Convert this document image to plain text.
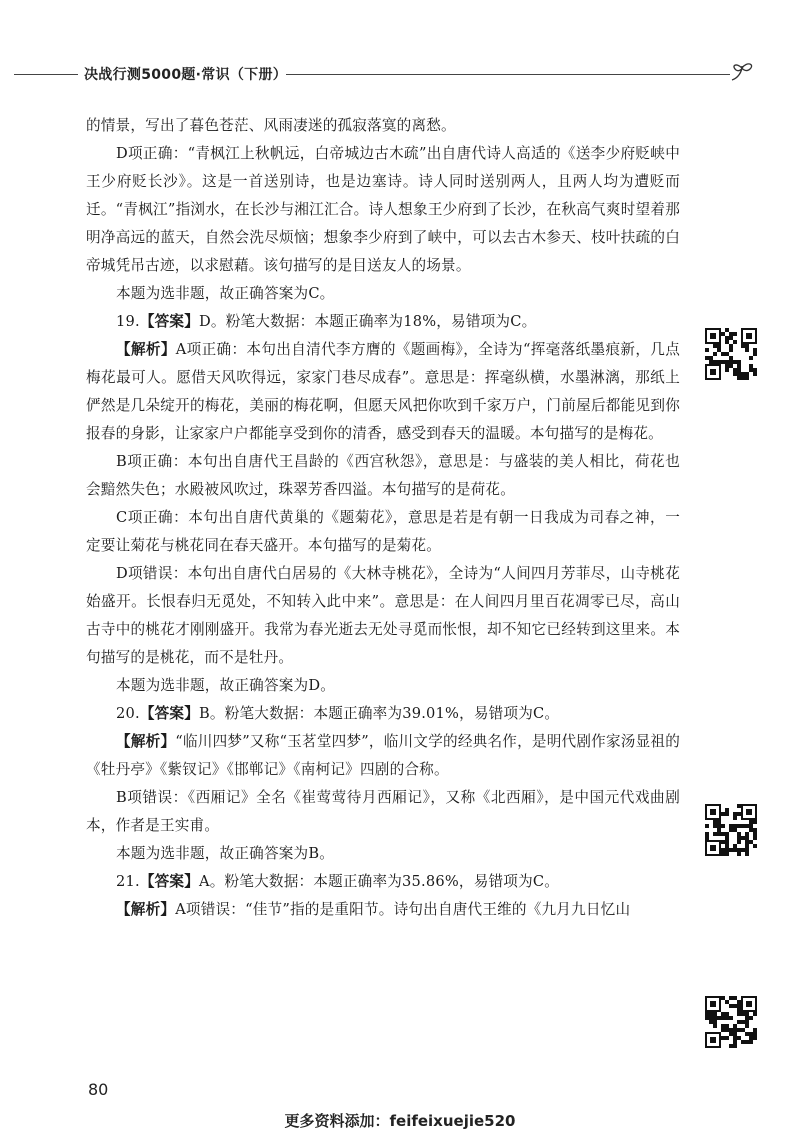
决战行测5000题·常识（下册）

的情景，写出了暮色苍茫、风雨凄迷的孤寂落寞的离愁。

D项正确：“青枫江上秋帆远，白帝城边古木疏”出自唐代诗人高适的《送李少府贬峡中王少府贬长沙》。这是一首送别诗，也是边塞诗。诗人同时送别两人，且两人均为遭贬而迁。“青枫江”指浏水，在长沙与湘江汇合。诗人想象王少府到了长沙，在秋高气爽时望着那明净高远的蓝天，自然会洗尽烦恼；想象李少府到了峡中，可以去古木参天、枝叶扶疏的白帝城凭吊古迹，以求慰藉。该句描写的是目送友人的场景。

本题为选非题，故正确答案为C。

19.【答案】D。粉笔大数据：本题正确率为18%，易错项为C。

【解析】A项正确：本句出自清代李方膺的《题画梅》，全诗为“挥毫落纸墨痕新，几点梅花最可人。愿借天风吹得远，家家门巷尽成春”。意思是：挥毫纵横，水墨淋漓，那纸上俨然是几朵绽开的梅花，美丽的梅花啊，但愿天风把你吹到千家万户，门前屋后都能见到你报春的身影，让家家户户都能享受到你的清香，感受到春天的温暖。本句描写的是梅花。

B项正确：本句出自唐代王昌龄的《西宫秋怨》，意思是：与盛装的美人相比，荷花也会黯然失色；水殿被风吹过，珠翠芳香四溢。本句描写的是荷花。

C项正确：本句出自唐代黄巢的《题菊花》，意思是若是有朝一日我成为司春之神，一定要让菊花与桃花同在春天盛开。本句描写的是菊花。

D项错误：本句出自唐代白居易的《大林寺桃花》，全诗为“人间四月芳菲尽，山寺桃花始盛开。长恨春归无觅处，不知转入此中来”。意思是：在人间四月里百花凋零已尽，高山古寺中的桃花才刚刚盛开。我常为春光逝去无处寻觅而怅恨，却不知它已经转到这里来。本句描写的是桃花，而不是牡丹。

本题为选非题，故正确答案为D。

20.【答案】B。粉笔大数据：本题正确率为39.01%，易错项为C。

【解析】“临川四梦”又称“玉茗堂四梦”，临川文学的经典名作，是明代剧作家汤显祖的《牡丹亭》《紫钗记》《邯郸记》《南柯记》四剧的合称。

B项错误：《西厢记》全名《崔莺莺待月西厢记》，又称《北西厢》，是中国元代戏曲剧本，作者是王实甫。

本题为选非题，故正确答案为B。

21.【答案】A。粉笔大数据：本题正确率为35.86%，易错项为C。

【解析】A项错误：“佳节”指的是重阳节。诗句出自唐代王维的《九月九日忆山

80
更多资料添加：feifeixuejie520
